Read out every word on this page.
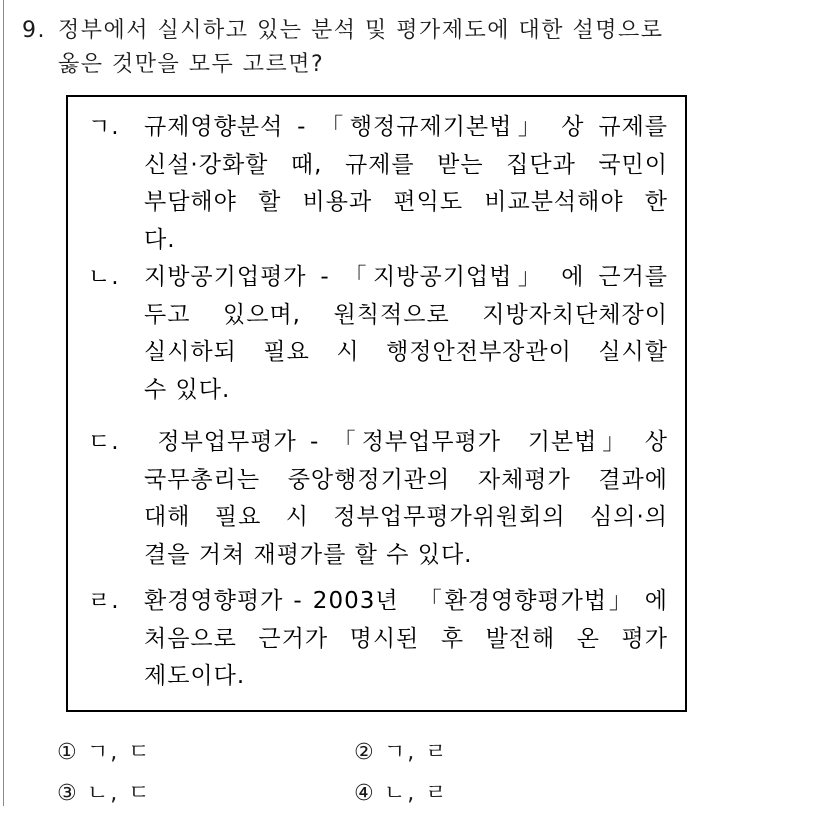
9. 정부에서 실시하고 있는 분석 및 평가제도에 대한 설명으로
옳은 것만을 모두 고르면?
ㄱ.	규제영향분석 - 「행정규제기본법」 상 규제를
신설·강화할 때, 규제를 받는 집단과 국민이
부담해야 할 비용과 편익도 비교분석해야 한
다.
ㄴ.	지방공기업평가 - 「지방공기업법」 에 근거를
두고 있으며, 원칙적으로 지방자치단체장이
실시하되 필요 시 행정안전부장관이 실시할
수 있다.
ㄷ.	정부업무평가 - 「정부업무평가  기본법」 상
국무총리는 중앙행정기관의 자체평가 결과에
대해 필요 시 정부업무평가위원회의 심의·의
결을 거쳐 재평가를 할 수 있다.
ㄹ.	환경영향평가 - 2003년  「환경영향평가법」 에
처음으로 근거가 명시된 후 발전해 온 평가
제도이다.
① ㄱ, ㄷ	② ㄱ, ㄹ
③ ㄴ, ㄷ	④ ㄴ, ㄹ
